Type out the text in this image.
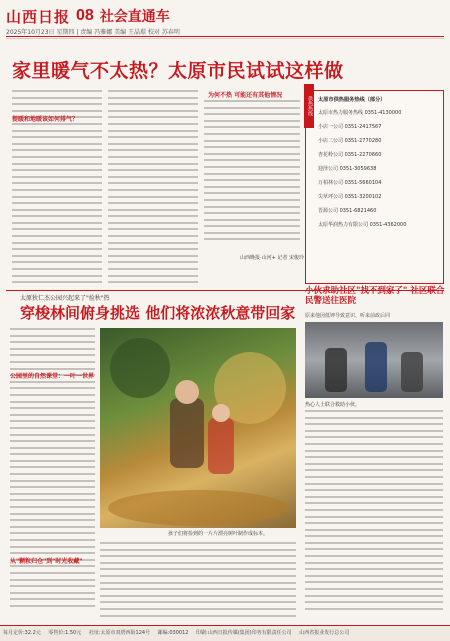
山西日报 08 社会直通车
2025年10月23日 星期四 | 责编 冯雅娜 美编 王晶璟 校对 苏春明
家里暖气不太热？太原市民试试这样做
提暖和地暖该如何排气？
为何不热 可能还有其他情况
山西晚报·山河+ 记者 宋俊玲
供热热线 太原市供热服务热线（部分）
太原市热力服务热线 0351-4130000
小店一公司 0351-2417567
小店二公司 0351-2770280
杏花岭公司 0351-2270660
迎泽公司 0351-3059638
万柏林公司 0351-5660104
尖草坪公司 0351-3200102
晋源公司 0351-6821460
太原华润热力有限公司 0351-4362000
太原狄仁杰公园兴起来了"捡秋"热
穿梭林间俯身挑选 他们将浓浓秋意带回家
公园里的自然课堂：一叶一世界
从"颗粒归仓"到"时光收藏"
孩子们将捡到的一片片漂亮树叶制作成标本。
小伙求助社区"找不到家了" 社区联合民警送往医院
原来他因低钾导致意识、听来前政后同
热心人士联合救助小伙。
每月定价:32.2元 零售价:1.50元 社址:太原市双塔西街124号 邮编:030012 印刷:山西日报传媒(集团)印务有限责任公司 山西省报业发行总公司
